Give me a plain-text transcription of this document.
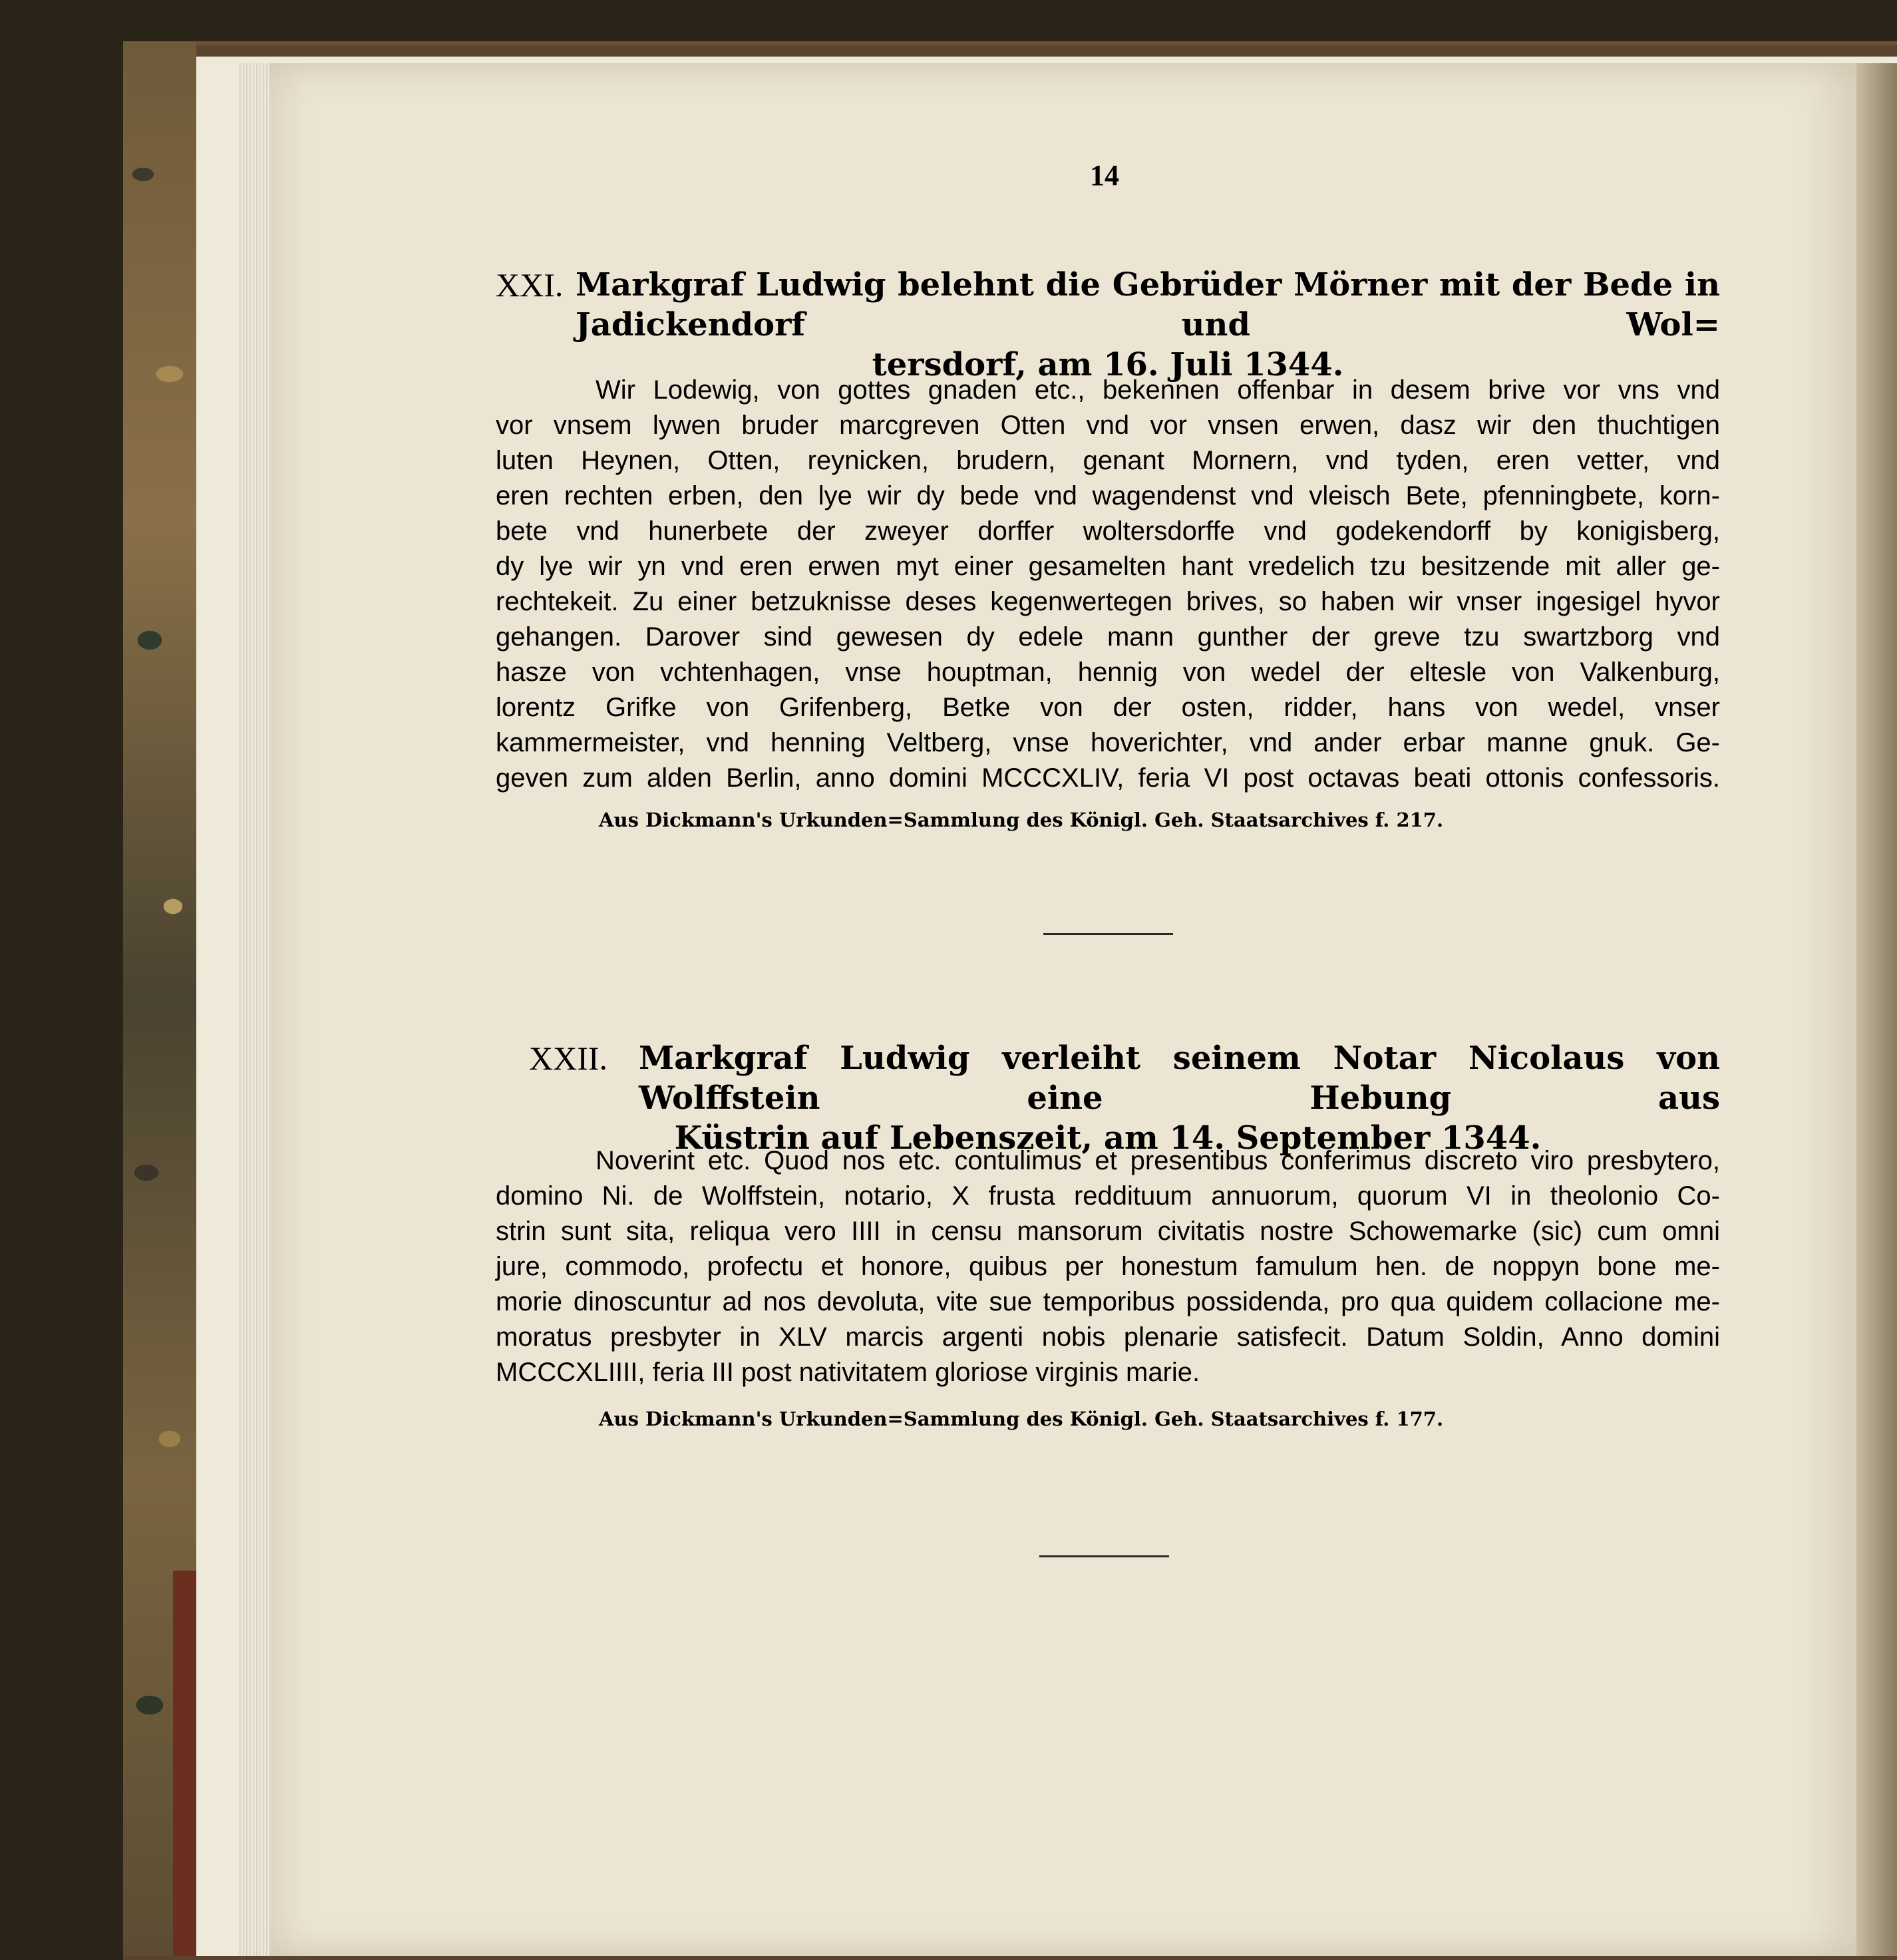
14
XXI. Markgraf Ludwig belehnt die Gebrüder Mörner mit der Bede in Jadickendorf und Wol=
tersdorf, am 16. Juli 1344.
Wir Lodewig, von gottes gnaden etc., bekennen offenbar in desem brive vor vns vnd
vor vnsem lywen bruder marcgreven Otten vnd vor vnsen erwen, dasz wir den thuchtigen
luten Heynen, Otten, reynicken, brudern, genant Mornern, vnd tyden, eren vetter, vnd
eren rechten erben, den lye wir dy bede vnd wagendenst vnd vleisch Bete, pfenningbete, korn-
bete vnd hunerbete der zweyer dorffer woltersdorffe vnd godekendorff by konigisberg,
dy lye wir yn vnd eren erwen myt einer gesamelten hant vredelich tzu besitzende mit aller ge-
rechtekeit. Zu einer betzuknisse deses kegenwertegen brives, so haben wir vnser ingesigel hyvor
gehangen. Darover sind gewesen dy edele mann gunther der greve tzu swartzborg vnd
hasze von vchtenhagen, vnse houptman, hennig von wedel der eltesle von Valkenburg,
lorentz Grifke von Grifenberg, Betke von der osten, ridder, hans von wedel, vnser
kammermeister, vnd henning Veltberg, vnse hoverichter, vnd ander erbar manne gnuk. Ge-
geven zum alden Berlin, anno domini MCCCXLIV, feria VI post octavas beati ottonis confessoris.
Aus Dickmann's Urkunden=Sammlung des Königl. Geh. Staatsarchives f. 217.
XXII. Markgraf Ludwig verleiht seinem Notar Nicolaus von Wolffstein eine Hebung aus
Küstrin auf Lebenszeit, am 14. September 1344.
Noverint etc. Quod nos etc. contulimus et presentibus conferimus discreto viro presbytero,
domino Ni. de Wolffstein, notario, X frusta reddituum annuorum, quorum VI in theolonio Co-
strin sunt sita, reliqua vero IIII in censu mansorum civitatis nostre Schowemarke (sic) cum omni
jure, commodo, profectu et honore, quibus per honestum famulum hen. de noppyn bone me-
morie dinoscuntur ad nos devoluta, vite sue temporibus possidenda, pro qua quidem collacione me-
moratus presbyter in XLV marcis argenti nobis plenarie satisfecit. Datum Soldin, Anno domini
MCCCXLIIII, feria III post nativitatem gloriose virginis marie.
Aus Dickmann's Urkunden=Sammlung des Königl. Geh. Staatsarchives f. 177.
